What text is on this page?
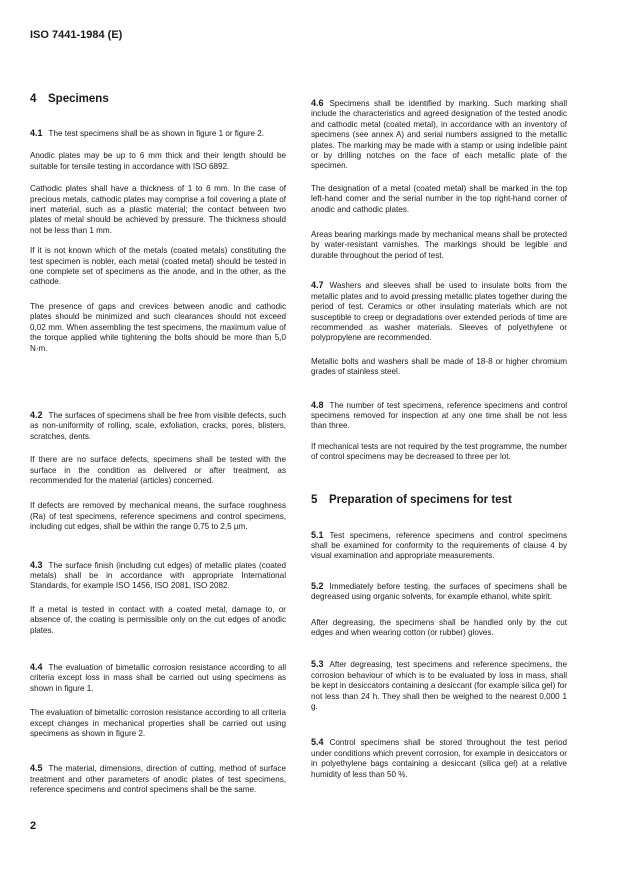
ISO 7441-1984 (E)
4 Specimens
4.1 The test specimens shall be as shown in figure 1 or figure 2.
Anodic plates may be up to 6 mm thick and their length should be suitable for tensile testing in accordance with ISO 6892.
Cathodic plates shall have a thickness of 1 to 6 mm. In the case of precious metals, cathodic plates may comprise a foil covering a plate of inert material, such as a plastic material; the contact between two plates of metal should be achieved by pressure. The thickness should not be less than 1 mm.
If it is not known which of the metals (coated metals) constituting the test specimen is nobler, each metal (coated metal) should be tested in one complete set of specimens as the anode, and in the other, as the cathode.
The presence of gaps and crevices between anodic and cathodic plates should be minimized and such clearances should not exceed 0,02 mm. When assembling the test specimens, the maximum value of the torque applied while tightening the bolts should be more than 5,0 N·m.
4.2 The surfaces of specimens shall be free from visible defects, such as non-uniformity of rolling, scale, exfoliation, cracks, pores, blisters, scratches, dents.
If there are no surface defects, specimens shall be tested with the surface in the condition as delivered or after treatment, as recommended for the material (articles) concerned.
If defects are removed by mechanical means, the surface roughness (Ra) of test specimens, reference specimens and control specimens, including cut edges, shall be within the range 0,75 to 2,5 µm.
4.3 The surface finish (including cut edges) of metallic plates (coated metals) shall be in accordance with appropriate International Standards, for example ISO 1456, ISO 2081, ISO 2082.
If a metal is tested in contact with a coated metal, damage to, or absence of, the coating is permissible only on the cut edges of anodic plates.
4.4 The evaluation of bimetallic corrosion resistance according to all criteria except loss in mass shall be carried out using specimens as shown in figure 1.
The evaluation of bimetallic corrosion resistance according to all criteria except changes in mechanical properties shall be carried out using specimens as shown in figure 2.
4.5 The material, dimensions, direction of cutting, method of surface treatment and other parameters of anodic plates of test specimens, reference specimens and control specimens shall be the same.
2
4.6 Specimens shall be identified by marking. Such marking shall include the characteristics and agreed designation of the tested anodic and cathodic metal (coated metal), in accordance with an inventory of specimens (see annex A) and serial numbers assigned to the metallic plates. The marking may be made with a stamp or using indelible paint or by drilling notches on the face of each metallic plate of the specimen.
The designation of a metal (coated metal) shall be marked in the top left-hand corner and the serial number in the top right-hand corner of anodic and cathodic plates.
Areas bearing markings made by mechanical means shall be protected by water-resistant varnishes. The markings should be legible and durable throughout the period of test.
4.7 Washers and sleeves shall be used to insulate bolts from the metallic plates and to avoid pressing metallic plates together during the period of test. Ceramics or other insulating materials which are not susceptible to creep or degradations over extended periods of time are recommended as washer materials. Sleeves of polyethylene or polypropylene are recommended.
Metallic bolts and washers shall be made of 18-8 or higher chromium grades of stainless steel.
4.8 The number of test specimens, reference specimens and control specimens removed for inspection at any one time shall be not less than three.
If mechanical tests are not required by the test programme, the number of control specimens may be decreased to three per lot.
5 Preparation of specimens for test
5.1 Test specimens, reference specimens and control specimens shall be examined for conformity to the requirements of clause 4 by visual examination and appropriate measurements.
5.2 Immediately before testing, the surfaces of specimens shall be degreased using organic solvents, for example ethanol, white spirit.
After degreasing, the specimens shall be handled only by the cut edges and when wearing cotton (or rubber) gloves.
5.3 After degreasing, test specimens and reference specimens, the corrosion behaviour of which is to be evaluated by loss in mass, shall be kept in desiccators containing a desiccant (for example silica gel) for not less than 24 h. They shall then be weighed to the nearest 0,000 1 g.
5.4 Control specimens shall be stored throughout the test period under conditions which prevent corrosion, for example in desiccators or in polyethylene bags containing a desiccant (silica gel) at a relative humidity of less than 50 %.
